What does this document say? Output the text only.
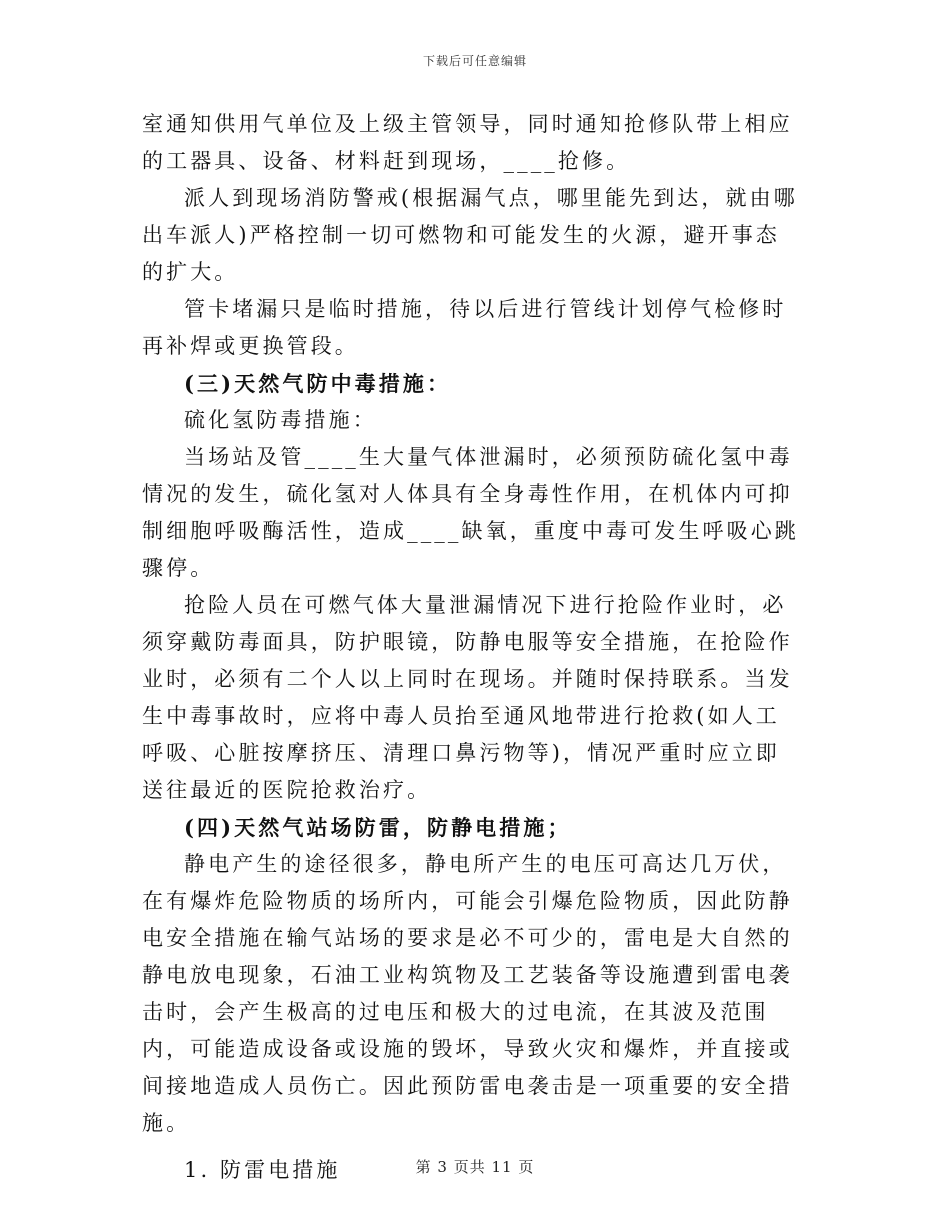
下载后可任意编辑

室通知供用气单位及上级主管领导，同时通知抢修队带上相应的工器具、设备、材料赶到现场，____抢修。

派人到现场消防警戒(根据漏气点，哪里能先到达，就由哪出车派人)严格控制一切可燃物和可能发生的火源，避开事态的扩大。

管卡堵漏只是临时措施，待以后进行管线计划停气检修时再补焊或更换管段。

(三)天然气防中毒措施：

硫化氢防毒措施：

当场站及管____生大量气体泄漏时，必须预防硫化氢中毒情况的发生，硫化氢对人体具有全身毒性作用，在机体内可抑制细胞呼吸酶活性，造成____缺氧，重度中毒可发生呼吸心跳骤停。

抢险人员在可燃气体大量泄漏情况下进行抢险作业时，必须穿戴防毒面具，防护眼镜，防静电服等安全措施，在抢险作业时，必须有二个人以上同时在现场。并随时保持联系。当发生中毒事故时，应将中毒人员抬至通风地带进行抢救(如人工呼吸、心脏按摩挤压、清理口鼻污物等)，情况严重时应立即送往最近的医院抢救治疗。

(四)天然气站场防雷，防静电措施；

静电产生的途径很多，静电所产生的电压可高达几万伏，在有爆炸危险物质的场所内，可能会引爆危险物质，因此防静电安全措施在输气站场的要求是必不可少的，雷电是大自然的静电放电现象，石油工业构筑物及工艺装备等设施遭到雷电袭击时，会产生极高的过电压和极大的过电流，在其波及范围内，可能造成设备或设施的毁坏，导致火灾和爆炸，并直接或间接地造成人员伤亡。因此预防雷电袭击是一项重要的安全措施。

1. 防雷电措施	第 3 页共 11 页
